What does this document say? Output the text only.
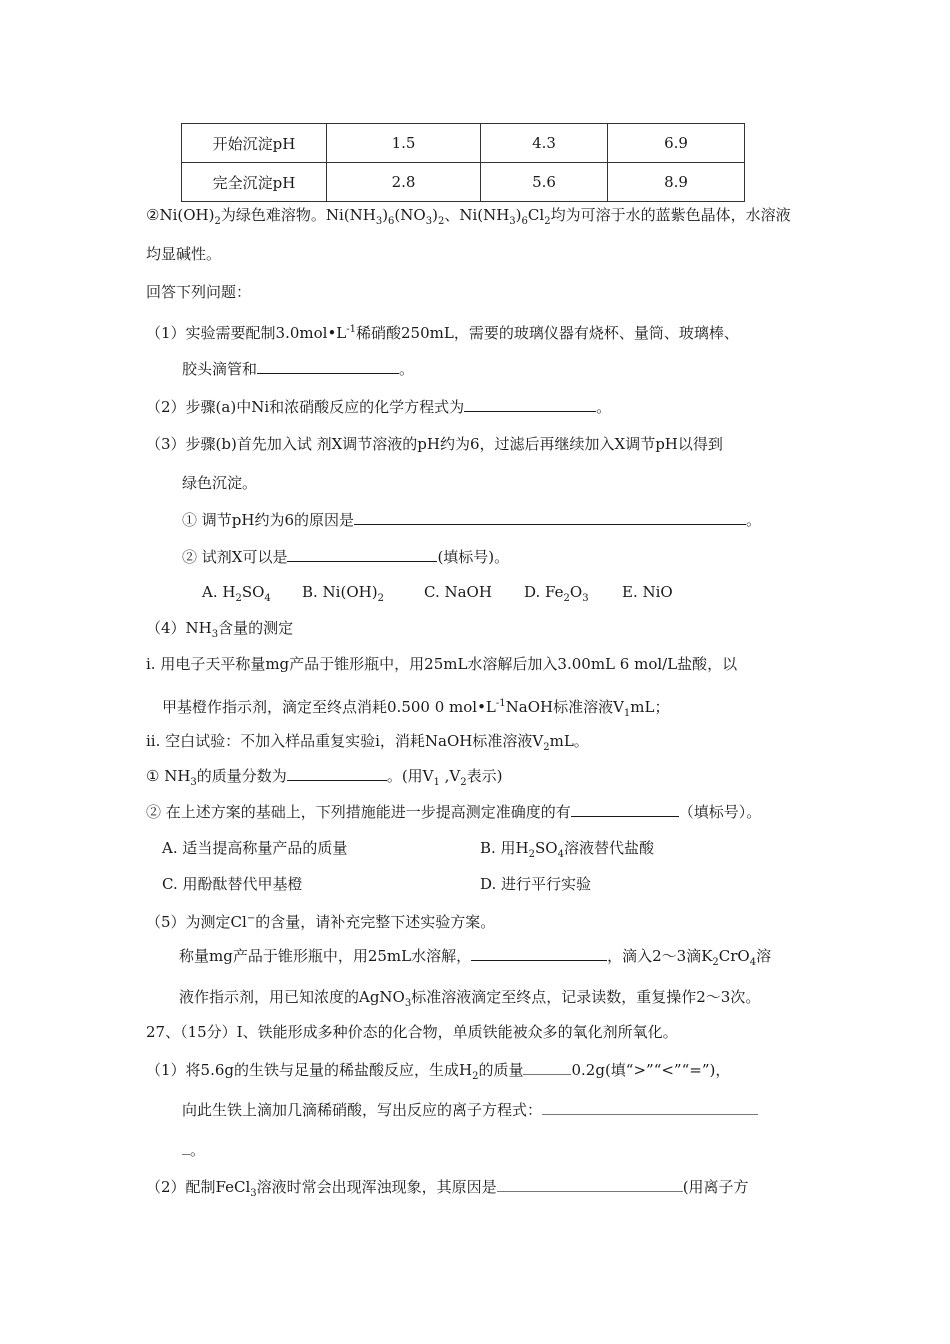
开始沉淀pH	1.5	4.3	6.9
完全沉淀pH	2.8	5.6	8.9
$②Ni(OH)_2$为绿色难溶物。$Ni(NH_3)_6(NO_3)_2$、$Ni(NH_3)_6Cl_2$均为可溶于水的蓝紫色晶体，水溶液
均显碱性。
回答下列问题：
（1）实验需要配制$3.0mol•L^{-1}$稀硝酸250mL，需要的玻璃仪器有烧杯、量筒、玻璃棒、
胶头滴管和	。
（2）步骤(a)中Ni和浓硝酸反应的化学方程式为	。
（3）步骤(b)首先加入试 剂X调节溶液的pH约为6，过滤后再继续加入X调节pH以得到
绿色沉淀。
① 调节pH约为6的原因是	。
② 试剂X可以是	(填标号)。
A. $H_2SO_4$ B. $Ni(OH)_2$	C. NaOH D. $Fe_2O_3$ E. NiO
$(4)NH_3$含量的测定
i. 用电子天平称量mg产品于锥形瓶中，用25mL水溶解后加入3.00mL 6 mol/L盐酸，以
甲基橙作指示剂，滴定至终点消耗0.500 0 $mol•L^{-1}NaOH$标准溶液$V_1mL$；
ii. 空白试验：不加入样品重复实验i，消耗NaOH标准溶液$V_2mL$。
① $NH_3$的质量分数为	。(用$V_1$ $,V_2$表示)
② 在上述方案的基础上，下列措施能进一步提高测定准确度的有	（填标号）。
A. 适当提高称量产品的质量	B. 用$H_2SO_4$溶液替代盐酸
C. 用酚酞替代甲基橙	D. 进行平行实验
（5）为测定Cl−的含量，请补充完整下述实验方案。
称量mg产品于锥形瓶中，用25mL水溶解，	，滴入2～3滴$K_2CrO_4$溶
液作指示剂，用已知浓度的AgNO$_3$标准溶液滴定至终点，记录读数，重复操作2～3次。
27、（15分）Ⅰ、铁能形成多种价态的化合物，单质铁能被众多的氧化剂所氧化。
（1）将5.6g的生铁与足量的稀盐酸反应，生成$H_2$的质量	0.2g(填“>”“<”“=”)，
向此生铁上滴加几滴稀硝酸，写出反应的离子方程式：
。
（2）配制FeCl$_3$溶液时常会出现浑浊现象，其原因是	(用离子方
